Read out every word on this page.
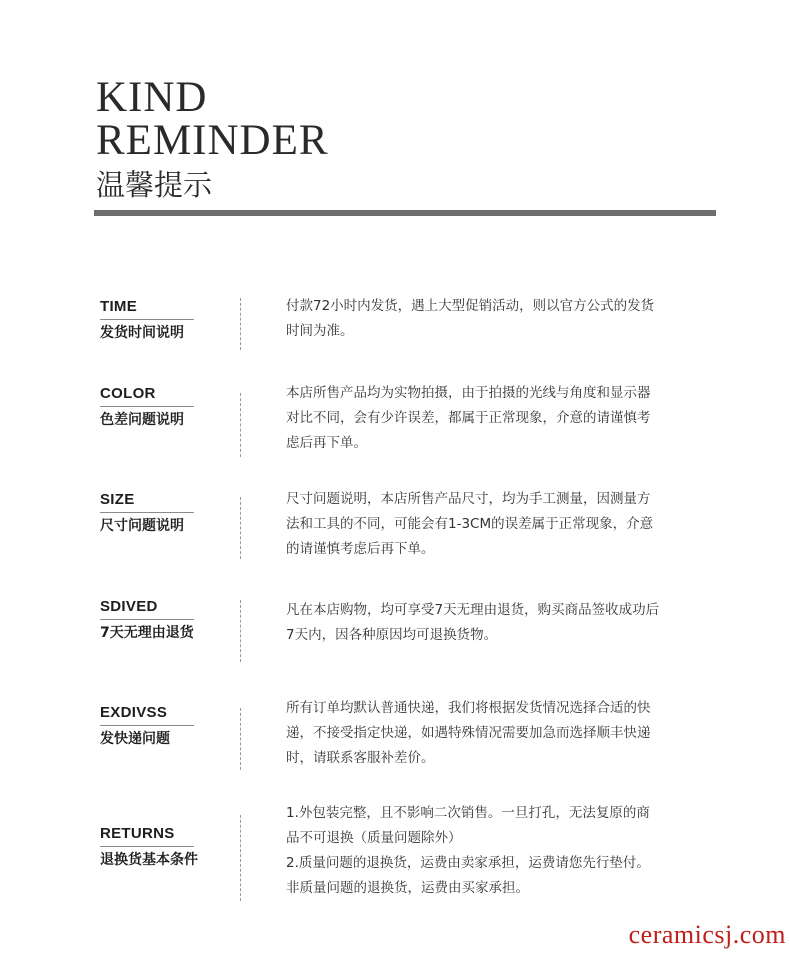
KIND
REMINDER
温馨提示
TIME
发货时间说明

付款72小时内发货，遇上大型促销活动，则以官方公式的发货

时间为准。

COLOR
色差问题说明

本店所售产品均为实物拍摄，由于拍摄的光线与角度和显示器

对比不同，会有少许误差，都属于正常现象，介意的请谨慎考

虑后再下单。

SIZE
尺寸问题说明

尺寸问题说明，本店所售产品尺寸，均为手工测量，因测量方

法和工具的不同，可能会有1-3CM的误差属于正常现象，介意

的请谨慎考虑后再下单。

SDIVED
7天无理由退货

凡在本店购物，均可享受7天无理由退货，购买商品签收成功后

7天内，因各种原因均可退换货物。

EXDIVSS
发快递问题

所有订单均默认普通快递，我们将根据发货情况选择合适的快

递，不接受指定快递，如遇特殊情况需要加急而选择顺丰快递

时，请联系客服补差价。

RETURNS
退换货基本条件

1.外包装完整，且不影响二次销售。一旦打孔，无法复原的商

品不可退换（质量问题除外）

2.质量问题的退换货，运费由卖家承担，运费请您先行垫付。

非质量问题的退换货，运费由买家承担。

ceramicsj.com
